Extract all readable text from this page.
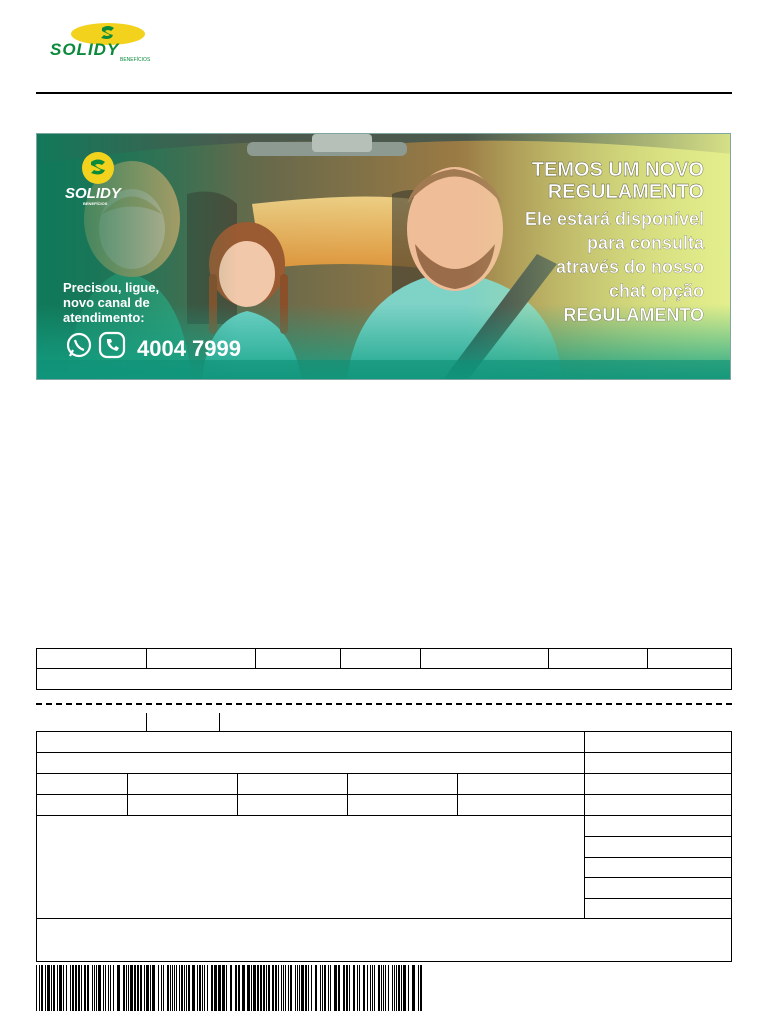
SOLIDY
BENEFÍCIOS
SOLIDY
BENEFÍCIOS
Precisou, ligue,
novo canal de
atendimento:
4004 7999
TEMOS UM NOVO
REGULAMENTO
Ele estará disponível
para consulta
através do nosso
chat opção
REGULAMENTO
